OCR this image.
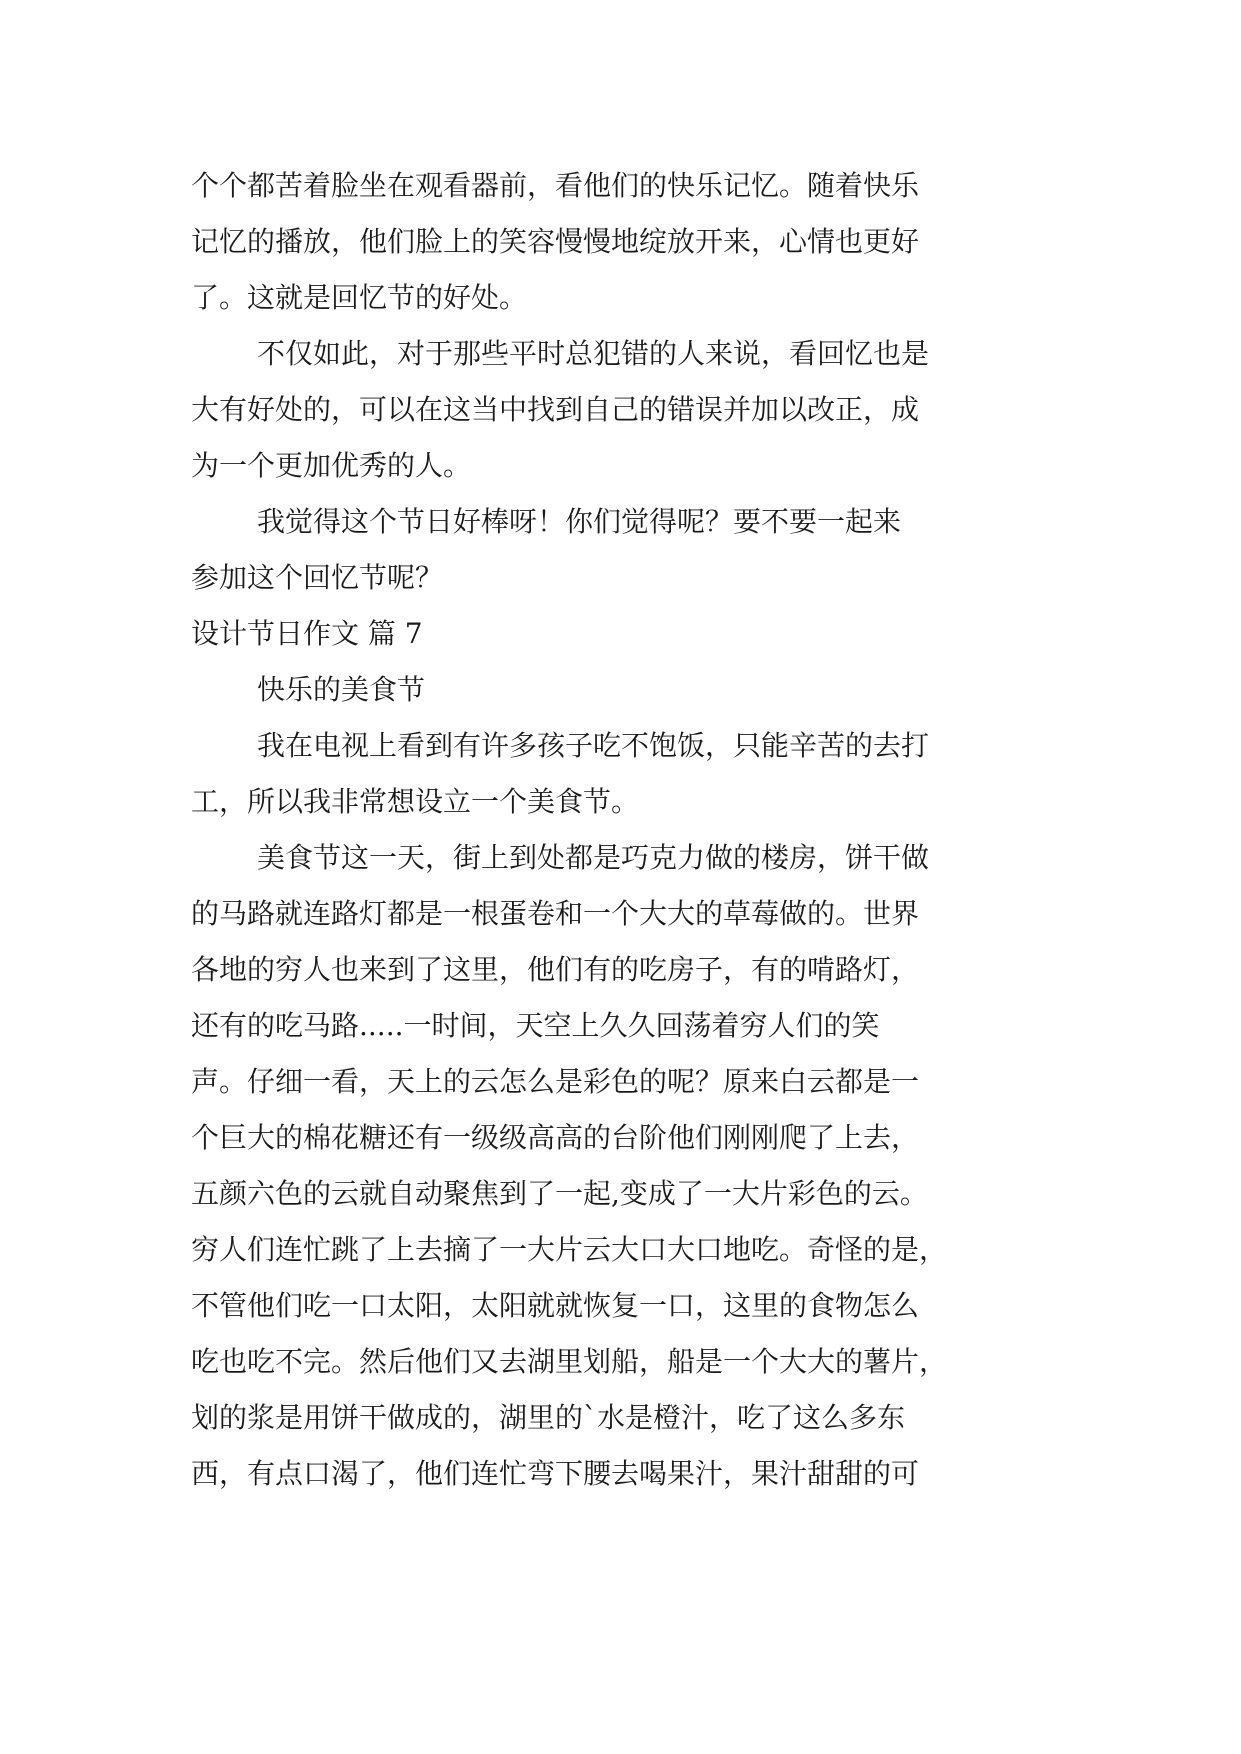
个个都苦着脸坐在观看器前，看他们的快乐记忆。随着快乐
记忆的播放，他们脸上的笑容慢慢地绽放开来，心情也更好
了。这就是回忆节的好处。
不仅如此，对于那些平时总犯错的人来说，看回忆也是
大有好处的，可以在这当中找到自己的错误并加以改正，成
为一个更加优秀的人。
我觉得这个节日好棒呀！你们觉得呢？要不要一起来
参加这个回忆节呢？
设计节日作文 篇 7
快乐的美食节
我在电视上看到有许多孩子吃不饱饭，只能辛苦的去打
工，所以我非常想设立一个美食节。
美食节这一天，街上到处都是巧克力做的楼房，饼干做
的马路就连路灯都是一根蛋卷和一个大大的草莓做的。世界
各地的穷人也来到了这里，他们有的吃房子，有的啃路灯，
还有的吃马路.....一时间，天空上久久回荡着穷人们的笑
声。仔细一看，天上的云怎么是彩色的呢？原来白云都是一
个巨大的棉花糖还有一级级高高的台阶他们刚刚爬了上去，
五颜六色的云就自动聚焦到了一起,变成了一大片彩色的云。
穷人们连忙跳了上去摘了一大片云大口大口地吃。奇怪的是，
不管他们吃一口太阳，太阳就就恢复一口，这里的食物怎么
吃也吃不完。然后他们又去湖里划船，船是一个大大的薯片，
划的浆是用饼干做成的，湖里的`水是橙汁，吃了这么多东
西，有点口渴了，他们连忙弯下腰去喝果汁，果汁甜甜的可
